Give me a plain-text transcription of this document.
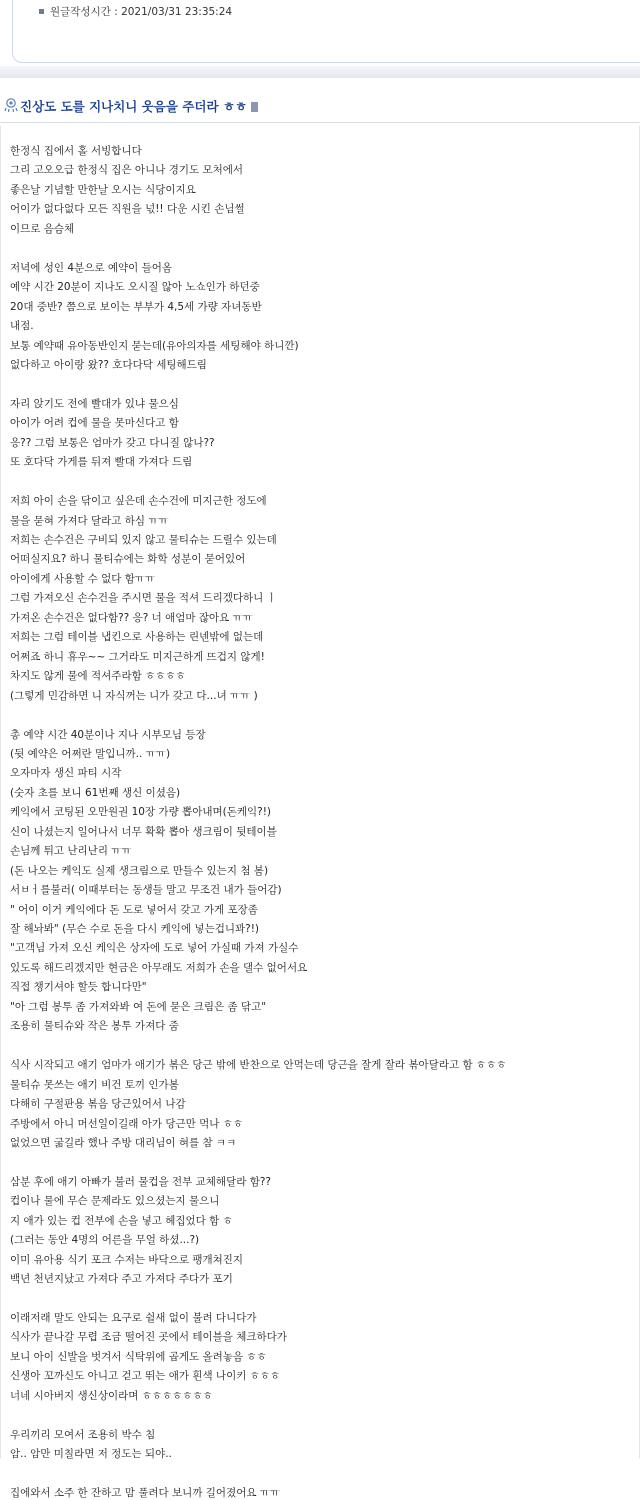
원글작성시간 : 2021/03/31 23:35:24
진상도 도를 지나치니 웃음을 주더라 ㅎㅎ
한정식 집에서 홀 서빙합니다
그리 고오오급 한정식 집은 아니나 경기도 모처에서
좋은날 기념할 만한날 오시는 식당이지요
어이가 없다없다 모든 직원을 넋!! 다운 시킨 손님썰
이므로 음슴체
저녁에 성인 4분으로 예약이 들어옴
예약 시간 20분이 지나도 오시질 않아 노쇼인가 하던중
20대 중반? 쯤으로 보이는 부부가 4,5세 가량 자녀동반
내점.
보통 예약때 유아동반인지 묻는데(유아의자를 세팅해야 하니깐)
없다하고 아이랑 왔?? 호다다닥 세팅해드림
자리 앉기도 전에 빨대가 있냐 물으심
아이가 어려 컵에 물을 못마신다고 함
응?? 그럼 보통은 엄마가 갖고 다니질 않나??
또 호다닥 가게를 뒤져 빨대 가져다 드림
저희 아이 손을 닦이고 싶은데 손수건에 미지근한 정도에
물을 묻혀 가져다 달라고 하심 ㅠㅠ
저희는 손수건은 구비되 있지 않고 물티슈는 드릴수 있는데
어떠실지요? 하니 물티슈에는 화학 성분이 묻어있어
아이에게 사용할 수 없다 함ㅠㅠ
그럼 가져오신 손수건을 주시면 물을 적셔 드리겠다하니 ㅣ
가져온 손수건은 없다함?? 응? 너 애엄마 잖아요 ㅠㅠ
저희는 그럼 테이블 냅킨으로 사용하는 린넨밖에 없는데
어쩌죠 하니 휴우~~ 그거라도 미지근하게 뜨겁지 않게!
차지도 않게 물에 적셔주라함 ㅎㅎㅎㅎ
(그렇게 민감하면 니 자식꺼는 니가 갖고 다...녀 ㅠㅠ )
총 예약 시간 40분이나 지나 시부모님 등장
(뒷 예약은 어쩌란 말입니까.. ㅠㅠ)
오자마자 생신 파티 시작
(숫자 초를 보니 61번째 생신 이셨음)
케익에서 코팅된 오만원권 10장 가량 뽑아내며(돈케익?!)
신이 나셨는지 일어나서 너무 확확 뽑아 생크림이 뒷테이블
손님께 튀고 난리난리 ㅠㅠ
(돈 나오는 케익도 실제 생크림으로 만들수 있는지 첨 봄)
서ㅂㅓ를불러( 이때부터는 동생들 말고 무조건 내가 들어감)
" 어이 이거 케익에다 돈 도로 넣어서 갖고 가게 포장좀
잘 해놔봐" (무슨 수로 돈을 다시 케익에 넣는겁니꽈?!)
"고객님 가져 오신 케익은 상자에 도로 넣어 가실때 가져 가실수
있도록 해드리겠지만 현금은 아무래도 저희가 손을 댈수 없어서요
직접 챙기셔야 할듯 합니다만"
"아 그럼 봉투 좀 가져와봐 여 돈에 묻은 크림은 좀 닦고"
조용히 물티슈와 작은 봉투 가져다 줌
식사 시작되고 애기 엄마가 애기가 볶은 당근 밖에 반찬으로 안먹는데 당근을 잘게 잘라 볶아달라고 함 ㅎㅎㅎ
물티슈 못쓰는 애기 비건 토끼 인가봄
다해히 구절판용 볶음 당근있어서 나감
주방에서 아니 머선일이길래 아가 당근만 먹나 ㅎㅎ
없었으면 굶길라 했나 주방 대리님이 혀를 참 ㅋㅋ
삼분 후에 애기 아빠가 불러 물컵을 전부 교체해달라 함??
컵이나 물에 무슨 문제라도 있으셨는지 물으니
지 애가 있는 컵 전부에 손을 넣고 헤집었다 함 ㅎ
(그러는 동안 4명의 어른을 무얼 하셨...?)
이미 유아용 식기 포크 수저는 바닥으로 팽개쳐진지
백년 천년지났고 가져다 주고 가져다 주다가 포기
이래저래 말도 안되는 요구로 쉴새 없이 불려 다니다가
식사가 끝나갈 무렵 조금 떨어진 곳에서 테이블을 체크하다가
보니 아이 신발을 벗겨서 식탁위에 곱게도 올려놓음 ㅎㅎ
신생아 꼬까신도 아니고 걷고 뛰는 애가 흰색 나이키 ㅎㅎㅎ
너네 시아버지 생신상이라며 ㅎㅎㅎㅎㅎㅎㅎ
우리끼리 모여서 조용히 박수 침
암.. 암만 미칠라면 저 정도는 되야..
집에와서 소주 한 잔하고 맘 풀려다 보니까 길어졌어요 ㅠㅠ
